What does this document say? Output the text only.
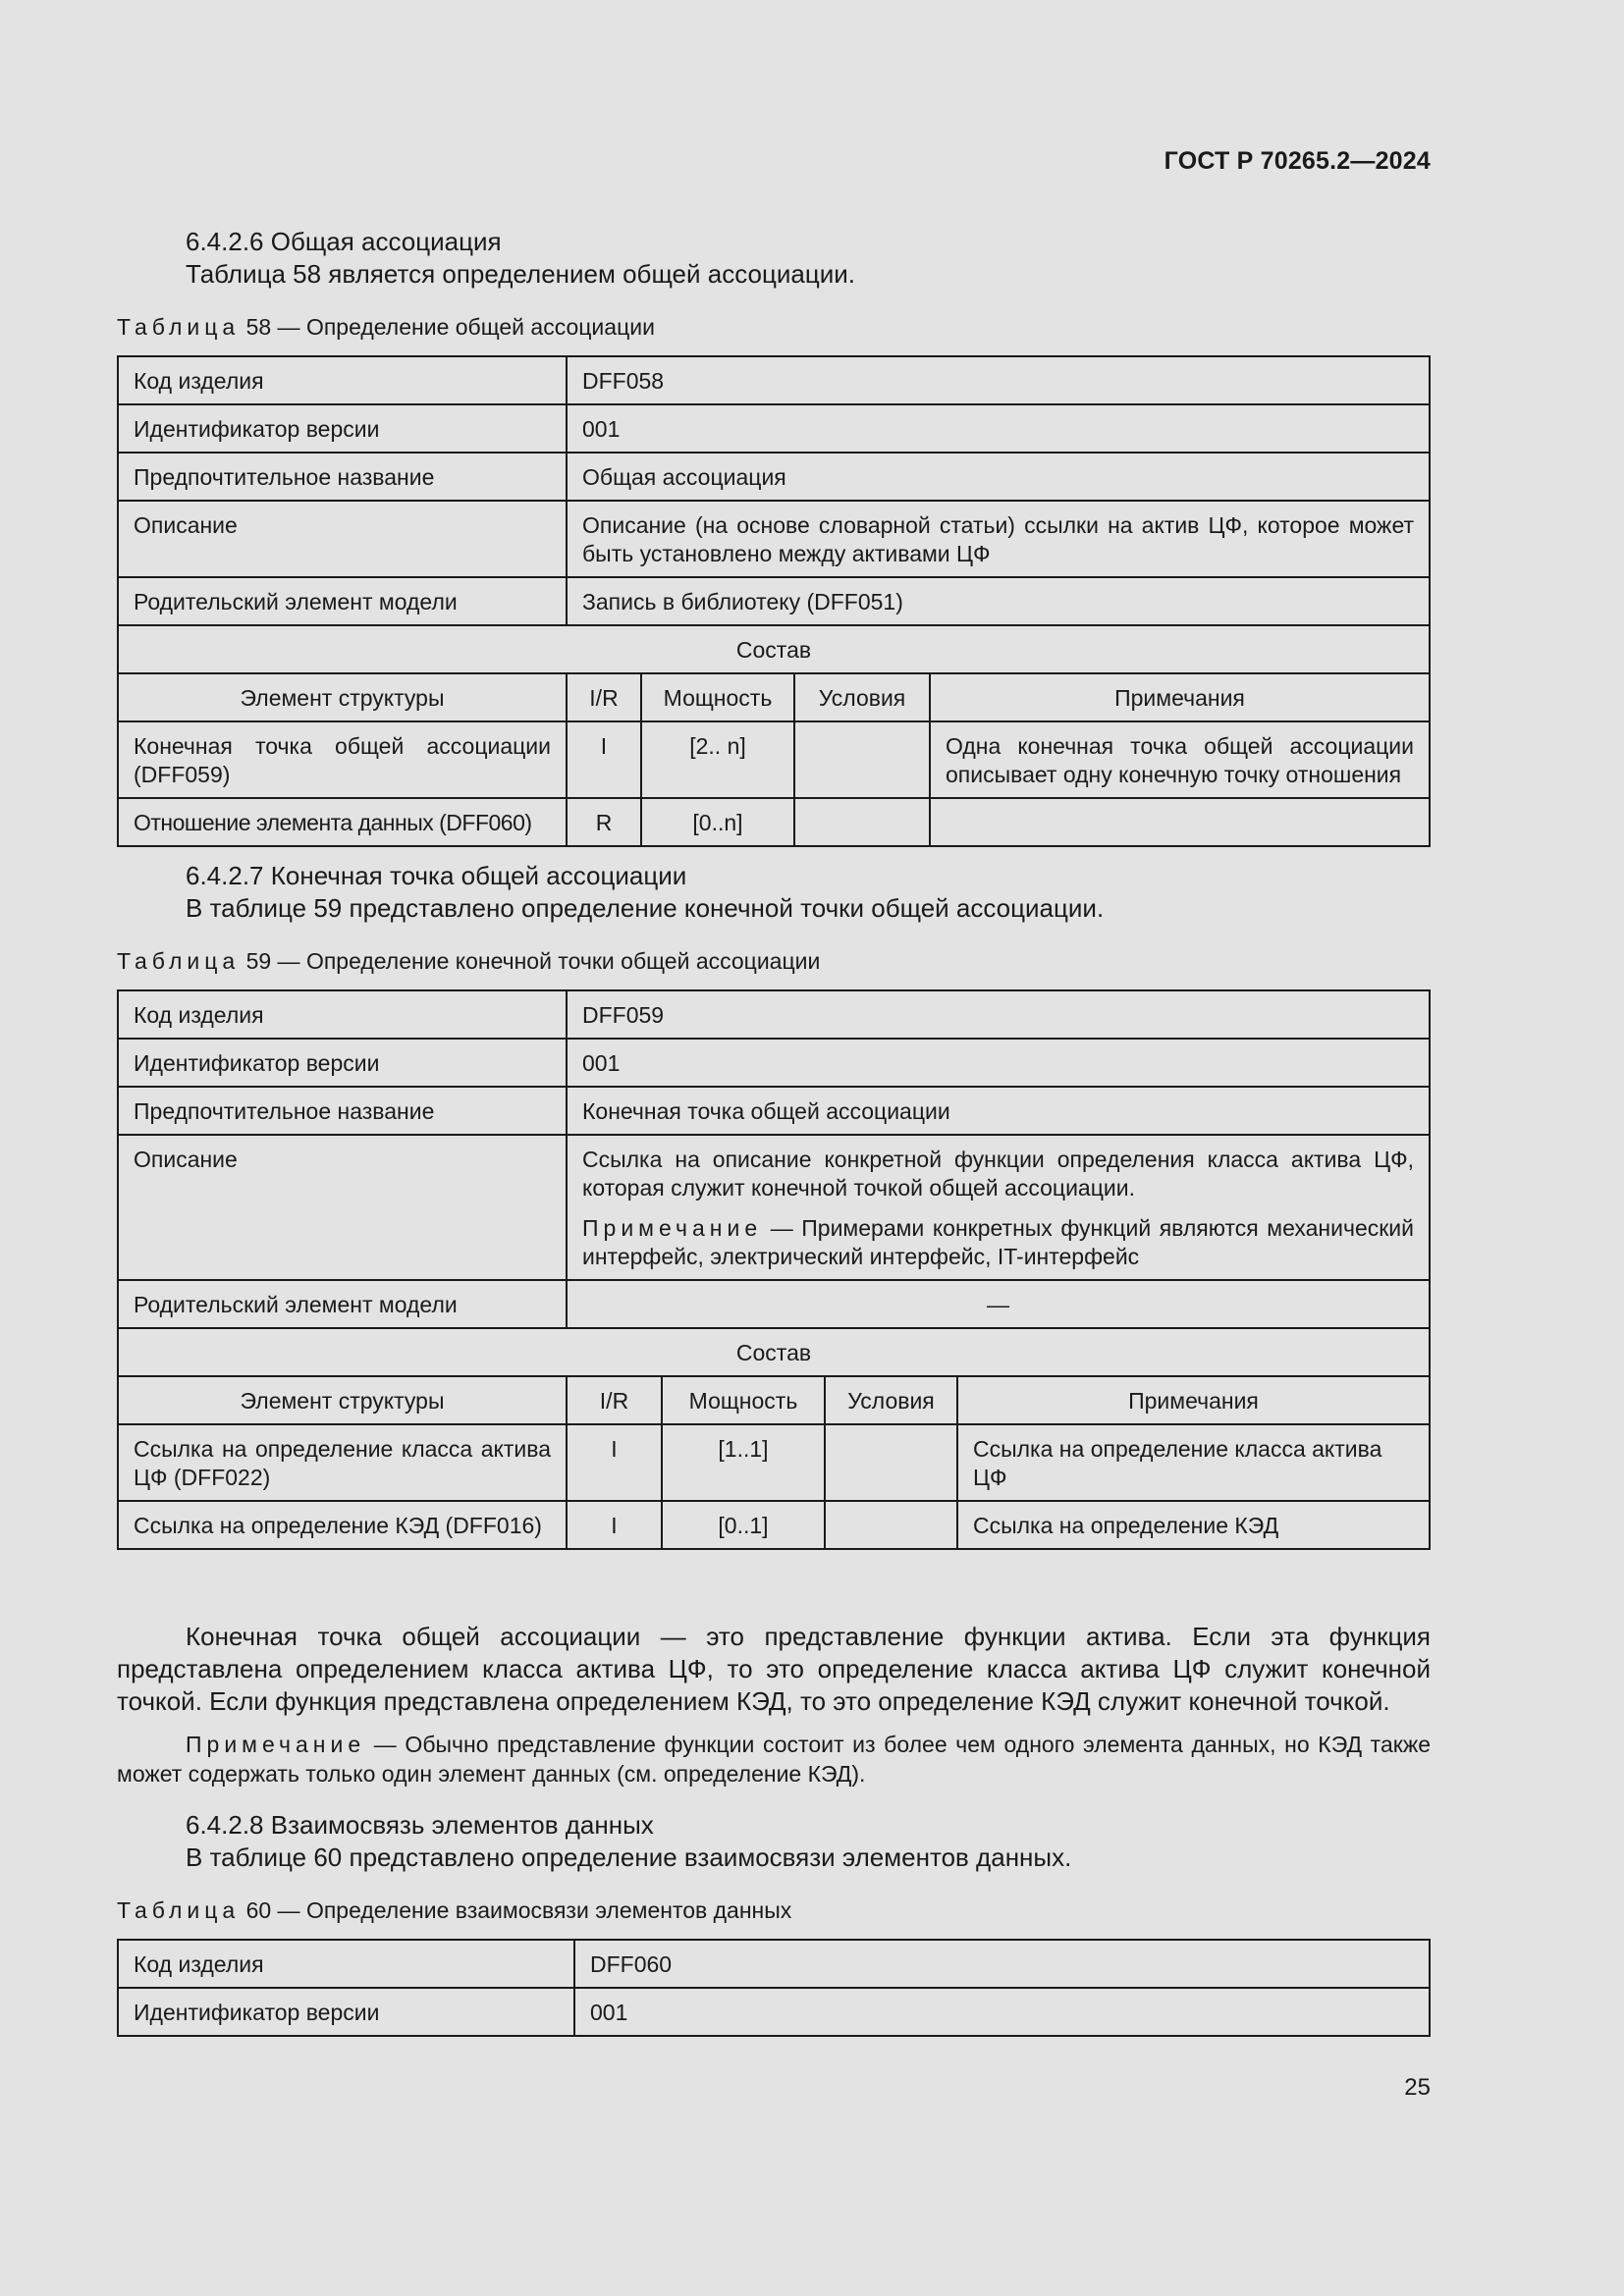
ГОСТ Р 70265.2—2024
6.4.2.6 Общая ассоциация
Таблица 58 является определением общей ассоциации.
Таблица 58 — Определение общей ассоциации
Код изделия	DFF058
Идентификатор версии	001
Предпочтительное название	Общая ассоциация
Описание	Описание (на основе словарной статьи) ссылки на актив ЦФ, которое может быть установлено между активами ЦФ
Родительский элемент модели	Запись в библиотеку (DFF051)
Состав				
Элемент структуры	I/R	Мощность	Условия	Примечания
Конечная точка общей ассоциации (DFF059)	I	[2.. n]		Одна конечная точка общей ассоциации описывает одну конечную точку отношения
Отношение элемента данных (DFF060)	R	[0..n]		
6.4.2.7 Конечная точка общей ассоциации
В таблице 59 представлено определение конечной точки общей ассоциации.
Таблица 59 — Определение конечной точки общей ассоциации
Код изделия	DFF059
Идентификатор версии	001
Предпочтительное название	Конечная точка общей ассоциации
Описание	Ссылка на описание конкретной функции определения класса актива ЦФ, которая служит конечной точкой общей ассоциации.
Примечание — Примерами конкретных функций являются механический интерфейс, электрический интерфейс, IT-интерфейс

Родительский элемент модели	—
Состав				
Элемент структуры	I/R	Мощность	Условия	Примечания
Ссылка на определение класса актива ЦФ (DFF022)	I	[1..1]		Ссылка на определение класса актива ЦФ
Ссылка на определение КЭД (DFF016)	I	[0..1]		Ссылка на определение КЭД

Конечная точка общей ассоциации — это представление функции актива. Если эта функция представлена определением класса актива ЦФ, то это определение класса актива ЦФ служит конечной точкой. Если функция представлена определением КЭД, то это определение КЭД служит конечной точкой.

Примечание — Обычно представление функции состоит из более чем одного элемента данных, но КЭД также может содержать только один элемент данных (см. определение КЭД).

6.4.2.8 Взаимосвязь элементов данных
В таблице 60 представлено определение взаимосвязи элементов данных.
Таблица 60 — Определение взаимосвязи элементов данных
Код изделия	DFF060
Идентификатор версии	001
25
